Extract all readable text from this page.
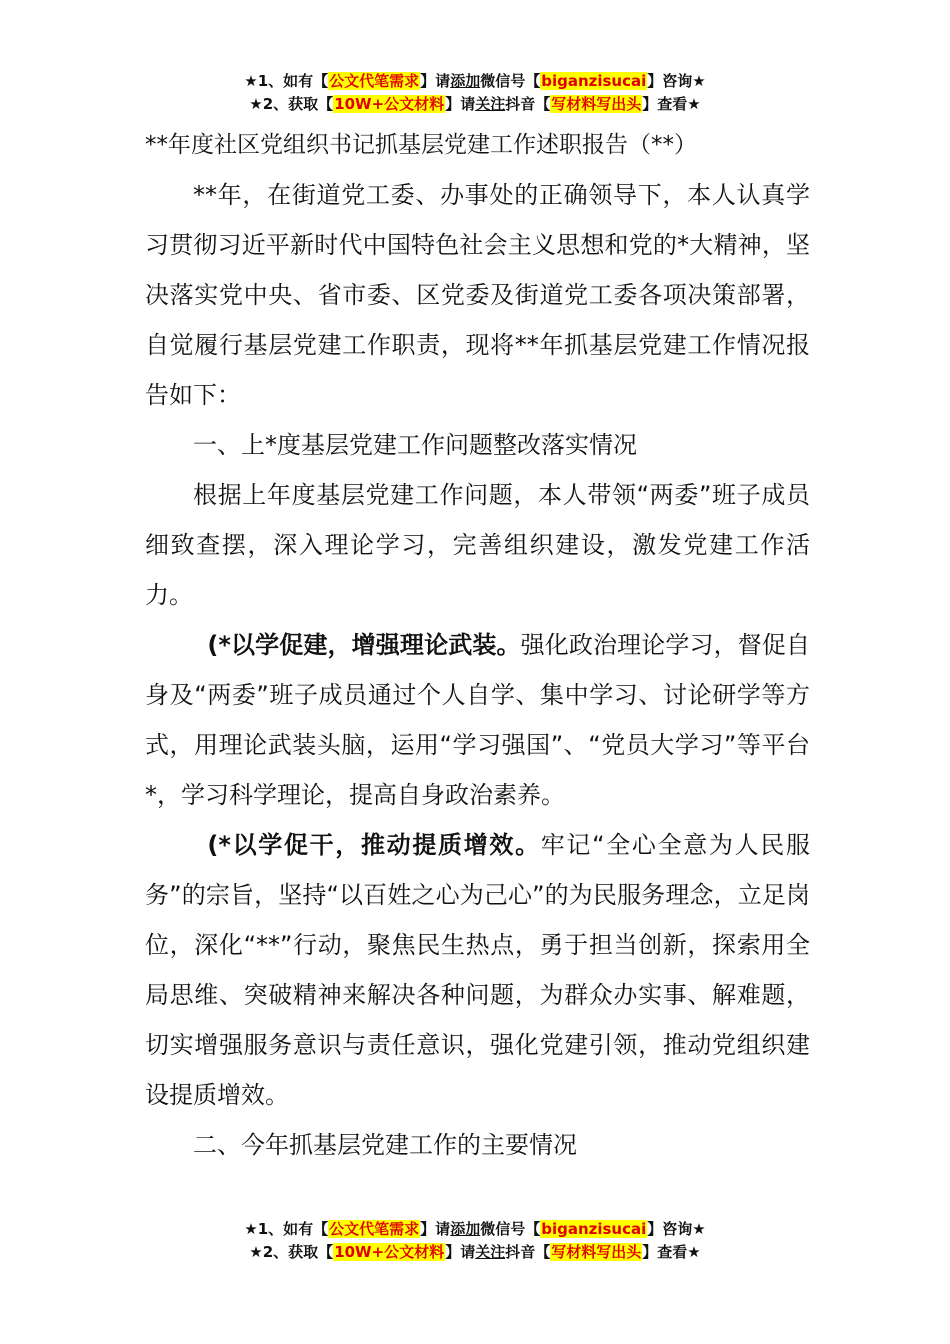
★1、如有【公文代笔需求】请添加微信号【biganzisucai】咨询★
★2、获取【10W+公文材料】请关注抖音【写材料写出头】查看★
**年度社区党组织书记抓基层党建工作述职报告（**）

**年，在街道党工委、办事处的正确领导下，本人认真学习贯彻习近平新时代中国特色社会主义思想和党的*大精神，坚决落实党中央、省市委、区党委及街道党工委各项决策部署，自觉履行基层党建工作职责，现将**年抓基层党建工作情况报告如下：

一、上*度基层党建工作问题整改落实情况

根据上年度基层党建工作问题，本人带领“两委”班子成员细致查摆，深入理论学习，完善组织建设，激发党建工作活力。

(*以学促建，增强理论武装。强化政治理论学习，督促自身及“两委”班子成员通过个人自学、集中学习、讨论研学等方式，用理论武装头脑，运用“学习强国”、“党员大学习”等平台*，学习科学理论，提高自身政治素养。

(*以学促干，推动提质增效。牢记“全心全意为人民服务”的宗旨，坚持“以百姓之心为己心”的为民服务理念，立足岗位，深化“**”行动，聚焦民生热点，勇于担当创新，探索用全局思维、突破精神来解决各种问题，为群众办实事、解难题，切实增强服务意识与责任意识，强化党建引领，推动党组织建设提质增效。

二、今年抓基层党建工作的主要情况

★1、如有【公文代笔需求】请添加微信号【biganzisucai】咨询★
★2、获取【10W+公文材料】请关注抖音【写材料写出头】查看★
